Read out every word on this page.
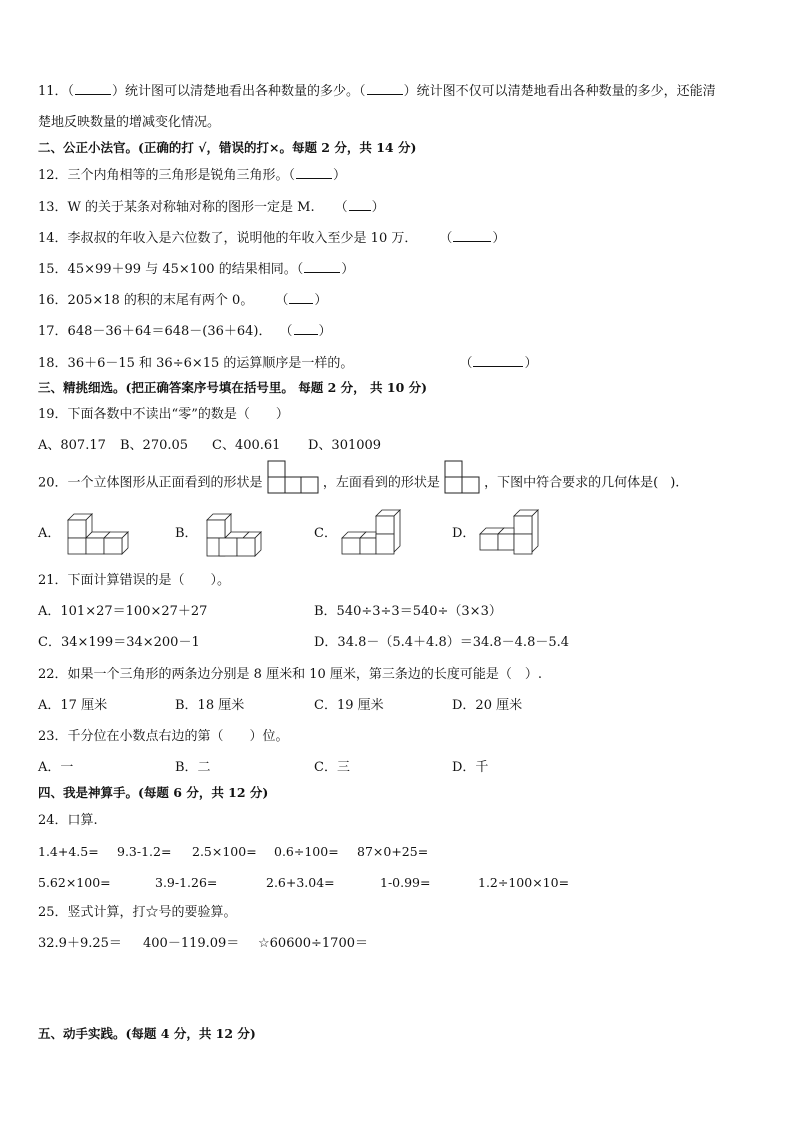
11．（	）统计图可以清楚地看出各种数量的多少。（	）统计图不仅可以清楚地看出各种数量的多少，还能清
楚地反映数量的增减变化情况。
二、公正小法官。(正确的打 √，错误的打×。每题 2 分，共 14 分)
12．三个内角相等的三角形是锐角三角形。（	）
13．W 的关于某条对称轴对称的图形一定是 M. （ ）
14．李叔叔的年收入是六位数了，说明他的年收入至少是 10 万． （	）
15．45×99＋99 与 45×100 的结果相同。（	）
16．205×18 的积的末尾有两个 0。 （ ）
17．648－36＋64＝648－(36＋64)． （ ）
18．36＋6－15 和 36÷6×15 的运算顺序是一样的。	（	）
三、精挑细选。(把正确答案序号填在括号里。 每题 2 分， 共 10 分)
19．下面各数中不读出“零”的数是（　　）
A、807.17 B、270.05 C、400.61 D、301009
20．一个立体图形从正面看到的形状是	，左面看到的形状是	，下图中符合要求的几何体是( ).
A．	B．	C．	D．
21．下面计算错误的是（　　）。
A．101×27＝100×27＋27	B．540÷3÷3＝540÷（3×3）
C．34×199＝34×200－1	D．34.8－（5.4＋4.8）＝34.8－4.8－5.4
22．如果一个三角形的两条边分别是 8 厘米和 10 厘米，第三条边的长度可能是（　）.
A．17 厘米	B．18 厘米	C．19 厘米	D．20 厘米
23．千分位在小数点右边的第（　　）位。
A．一	B．二	C．三	D．千
四、我是神算手。(每题 6 分，共 12 分)
24．口算.
1.4+4.5= 9.3-1.2= 2.5×100= 0.6÷100= 87×0+25=
5.62×100=	3.9-1.26=	2.6+3.04=	1-0.99=	1.2÷100×10=
25．竖式计算，打☆号的要验算。
32.9＋9.25＝ 400－119.09＝ ☆60600÷1700＝
五、动手实践。(每题 4 分，共 12 分)
